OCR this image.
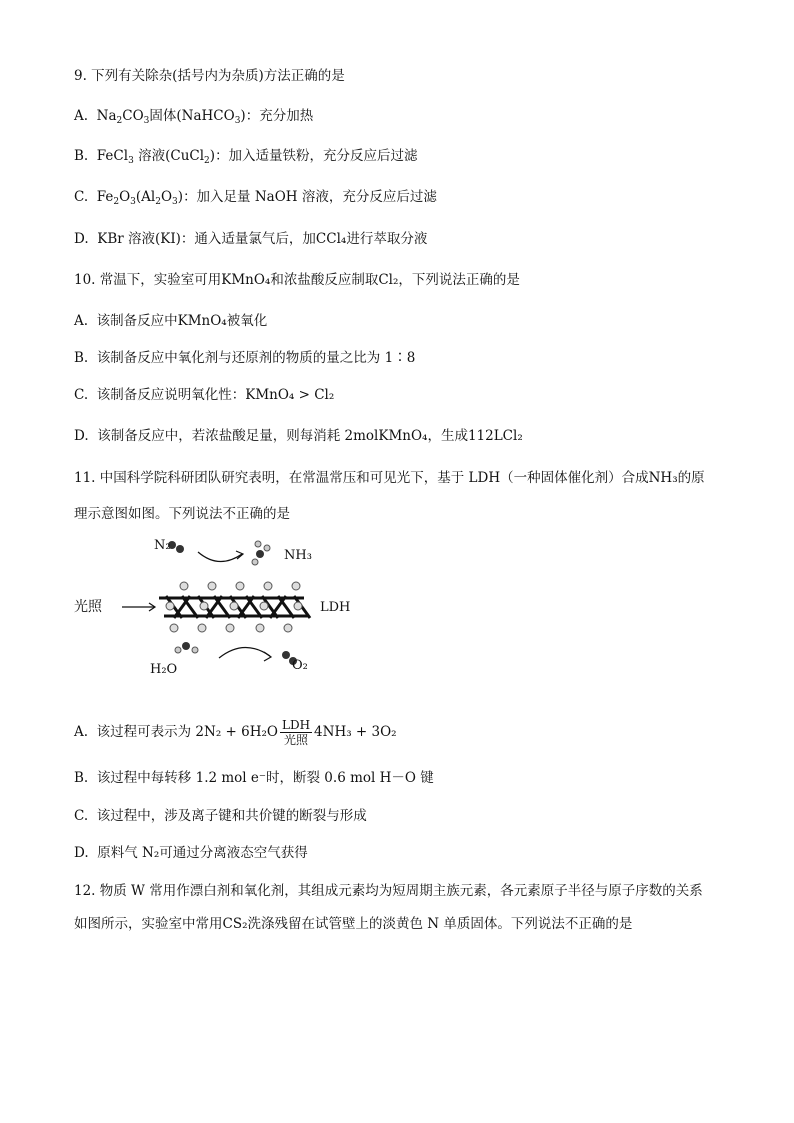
9. 下列有关除杂(括号内为杂质)方法正确的是
A.  $Na_2CO_3$固体(NaHCO$_3$)：充分加热
B.  FeCl$_3$ 溶液(CuCl$_2$)：加入适量铁粉，充分反应后过滤
C.  $Fe_2O_3(Al_2O_3)$：加入足量 NaOH 溶液，充分反应后过滤
D. KBr 溶液(KI)：通入适量氯气后，加CCl₄进行萃取分液
10. 常温下，实验室可用KMnO₄和浓盐酸反应制取Cl₂，下列说法正确的是
A. 该制备反应中KMnO₄被氧化
B. 该制备反应中氧化剂与还原剂的物质的量之比为 1∶8
C. 该制备反应说明氧化性：KMnO₄ > Cl₂
D. 该制备反应中，若浓盐酸足量，则每消耗 2molKMnO₄，生成112LCl₂
11. 中国科学院科研团队研究表明，在常温常压和可见光下，基于 LDH（一种固体催化剂）合成NH₃的原
理示意图如图。下列说法不正确的是
N₂
NH₃
光照	LDH
H₂O	O₂
A. 该过程可表示为 $2N_2 + 6H_2O \frac{\text{LDH}}{\text{光照}} 4NH_3 + 3O_2$
B. 该过程中每转移 1.2 mol e⁻时，断裂 0.6 mol H－O 键
C. 该过程中，涉及离子键和共价键的断裂与形成
D. 原料气 N₂可通过分离液态空气获得
12. 物质 W 常用作漂白剂和氧化剂，其组成元素均为短周期主族元素，各元素原子半径与原子序数的关系
如图所示，实验室中常用CS₂洗涤残留在试管壁上的淡黄色 N 单质固体。下列说法不正确的是
